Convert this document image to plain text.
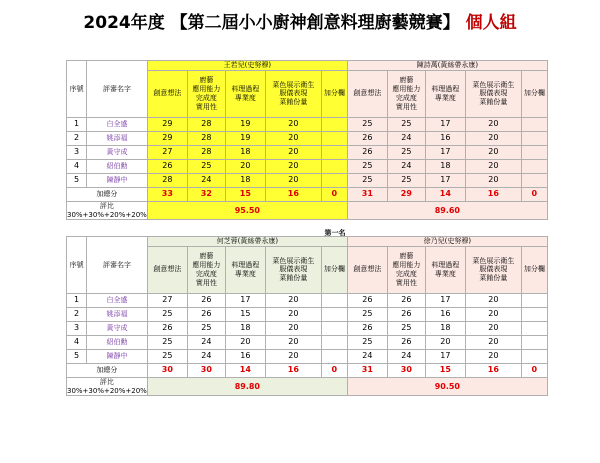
2024年度 【第二屆小小廚神創意料理廚藝競賽】 個人組
序號	評審名字	王若兒(史努穆)					陳詩萬(黃絲帶永康)				
		創意想法	廚藝
應用能力
完成度
實用性	料理過程
專業度	菜色展示衛生
服儀表現
菜餚份量	加分欄	創意想法	廚藝
應用能力
完成度
實用性	料理過程
專業度	菜色展示衛生
服儀表現
菜餚份量	加分欄
1	白全盛	29	28	19	20		25	25	17	20	
2	姚添福	29	28	19	20		26	24	16	20	
3	黃守成	27	28	18	20		26	25	17	20	
4	紹伯勳	26	25	20	20		25	24	18	20	
5	陳靜中	28	24	18	20		25	25	17	20	
加總分		33	32	15	16	0	31	29	14	16	0
評比30%+30%+20%+20%		95.50					89.60				
第一名
序號	評審名字	何芝蓉(黃絲帶永康)					徐乃兒(史努穆)				
		創意想法	廚藝
應用能力
完成度
實用性	料理過程
專業度	菜色展示衛生
服儀表現
菜餚份量	加分欄	創意想法	廚藝
應用能力
完成度
實用性	料理過程
專業度	菜色展示衛生
服儀表現
菜餚份量	加分欄
1	白全盛	27	26	17	20		26	26	17	20	
2	姚添福	25	26	15	20		25	26	16	20	
3	黃守成	26	25	18	20		26	25	18	20	
4	紹伯勳	25	24	20	20		25	26	20	20	
5	陳靜中	25	24	16	20		24	24	17	20	
加總分		30	30	14	16	0	31	30	15	16	0
評比30%+30%+20%+20%		89.80					90.50				
